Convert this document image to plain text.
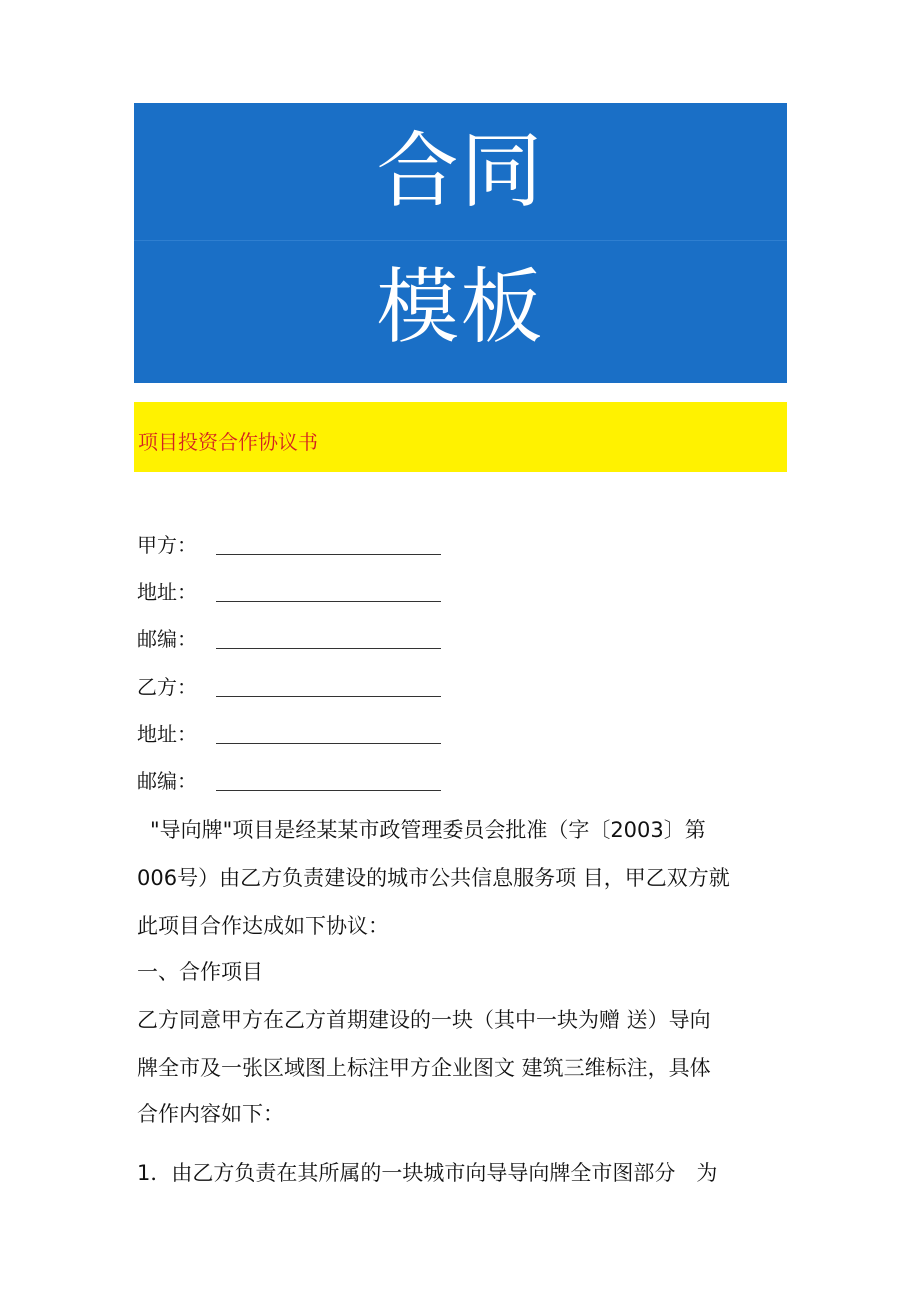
合同
模板
项目投资合作协议书
甲方：
地址：
邮编：
乙方：
地址：
邮编：
"导向牌"项目是经某某市政管理委员会批准（字〔2003〕第
006号）由乙方负责建设的城市公共信息服务项 目，甲乙双方就
此项目合作达成如下协议：
一、合作项目
乙方同意甲方在乙方首期建设的一块（其中一块为赠 送）导向
牌全市及一张区域图上标注甲方企业图文 建筑三维标注，具体
合作内容如下：
1．由乙方负责在其所属的一块城市向导导向牌全市图部分　为
